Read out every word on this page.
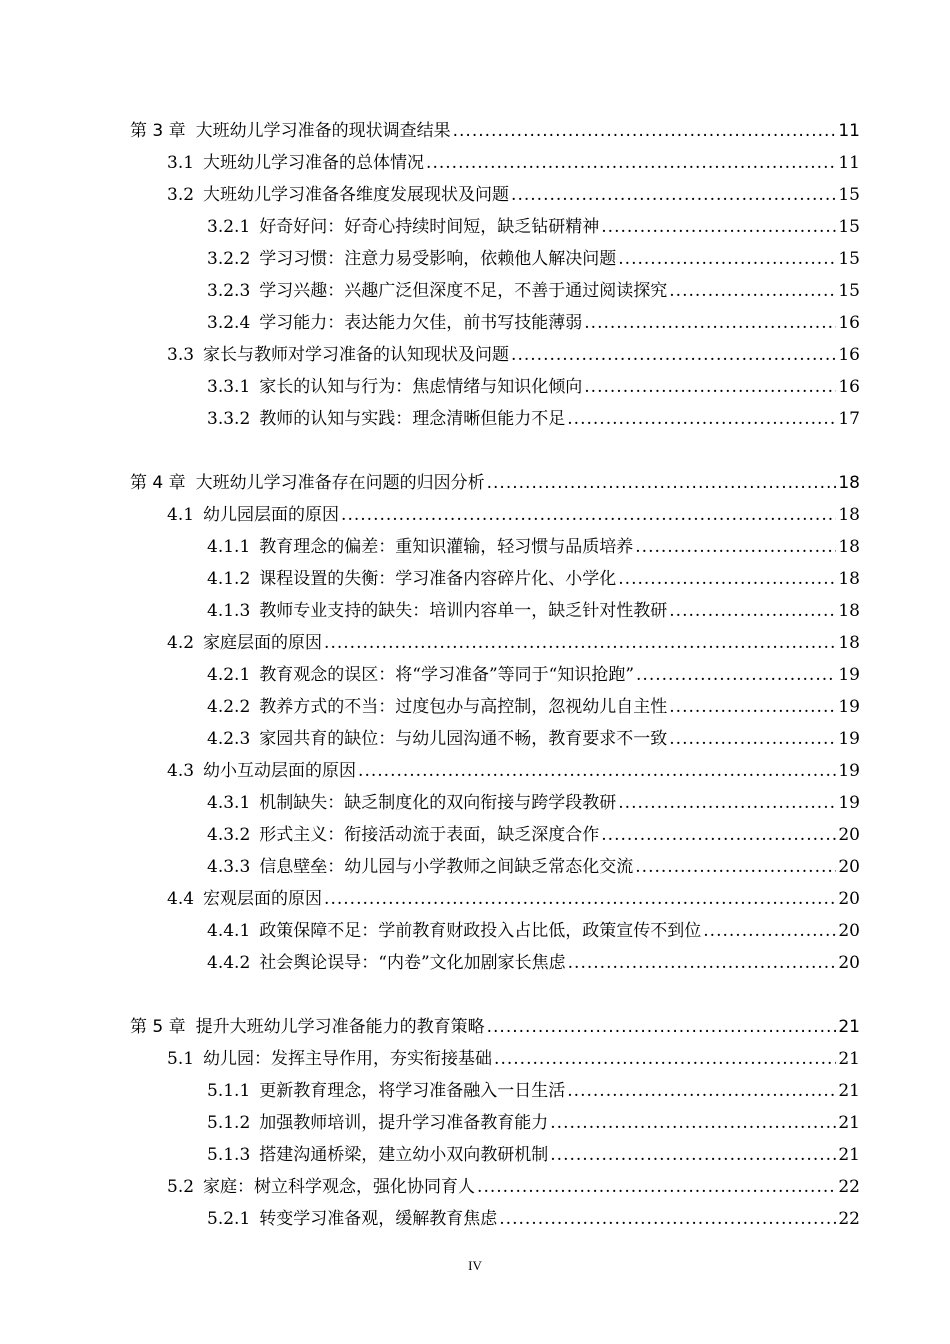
第 3 章 大班幼儿学习准备的现状调查结果 .....	11
3.1 大班幼儿学习准备的总体情况 .....	11
3.2 大班幼儿学习准备各维度发展现状及问题 .....	15
3.2.1 好奇好问：好奇心持续时间短，缺乏钻研精神 .....	15
3.2.2 学习习惯：注意力易受影响，依赖他人解决问题 .....	15
3.2.3 学习兴趣：兴趣广泛但深度不足，不善于通过阅读探究 .....	15
3.2.4 学习能力：表达能力欠佳，前书写技能薄弱 .....	16
3.3 家长与教师对学习准备的认知现状及问题 .....	16
3.3.1 家长的认知与行为：焦虑情绪与知识化倾向 .....	16
3.3.2 教师的认知与实践：理念清晰但能力不足 .....	17
第 4 章 大班幼儿学习准备存在问题的归因分析 .....	18
4.1 幼儿园层面的原因 .....	18
4.1.1 教育理念的偏差：重知识灌输，轻习惯与品质培养 .....	18
4.1.2 课程设置的失衡：学习准备内容碎片化、小学化 .....	18
4.1.3 教师专业支持的缺失：培训内容单一，缺乏针对性教研 .....	18
4.2 家庭层面的原因 .....	18
4.2.1 教育观念的误区：将“学习准备”等同于“知识抢跑” .....	19
4.2.2 教养方式的不当：过度包办与高控制，忽视幼儿自主性 .....	19
4.2.3 家园共育的缺位：与幼儿园沟通不畅，教育要求不一致 .....	19
4.3 幼小互动层面的原因 .....	19
4.3.1 机制缺失：缺乏制度化的双向衔接与跨学段教研 .....	19
4.3.2 形式主义：衔接活动流于表面，缺乏深度合作 .....	20
4.3.3 信息壁垒：幼儿园与小学教师之间缺乏常态化交流 .....	20
4.4 宏观层面的原因 .....	20
4.4.1 政策保障不足：学前教育财政投入占比低，政策宣传不到位 .....	20
4.4.2 社会舆论误导：“内卷”文化加剧家长焦虑 .....	20
第 5 章 提升大班幼儿学习准备能力的教育策略 .....	21
5.1 幼儿园：发挥主导作用，夯实衔接基础 .....	21
5.1.1 更新教育理念，将学习准备融入一日生活 .....	21
5.1.2 加强教师培训，提升学习准备教育能力 .....	21
5.1.3 搭建沟通桥梁，建立幼小双向教研机制 .....	21
5.2 家庭：树立科学观念，强化协同育人 .....	22
5.2.1 转变学习准备观，缓解教育焦虑 .....	22
IV
